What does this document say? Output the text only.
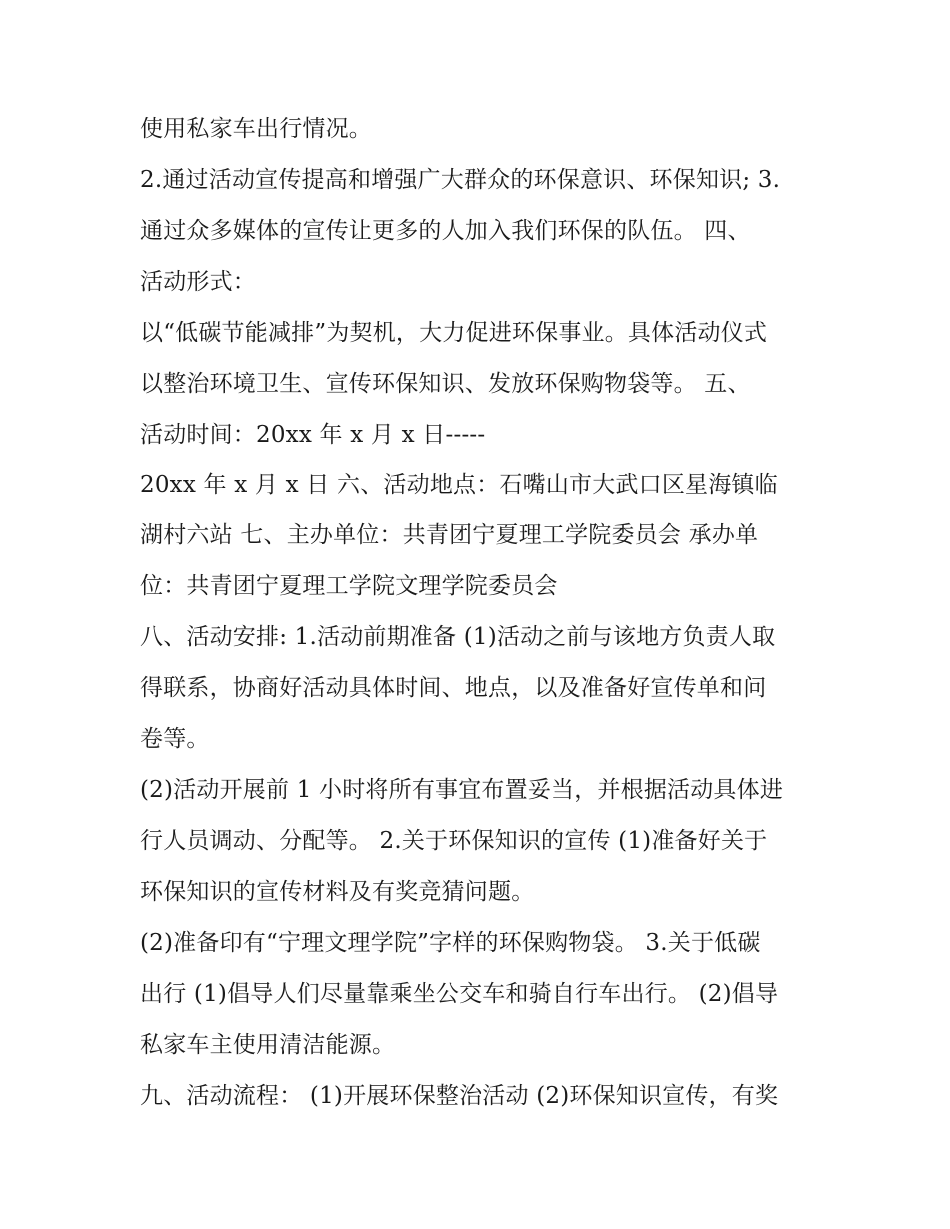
使用私家车出行情况。
2.通过活动宣传提高和增强广大群众的环保意识、环保知识; 3.
通过众多媒体的宣传让更多的人加入我们环保的队伍。 四、
活动形式：
以“低碳节能减排”为契机，大力促进环保事业。具体活动仪式
以整治环境卫生、宣传环保知识、发放环保购物袋等。 五、
活动时间：20xx 年 x 月 x 日-----
20xx 年 x 月 x 日 六、活动地点：石嘴山市大武口区星海镇临
湖村六站 七、主办单位：共青团宁夏理工学院委员会 承办单
位：共青团宁夏理工学院文理学院委员会
八、活动安排: 1.活动前期准备 (1)活动之前与该地方负责人取
得联系，协商好活动具体时间、地点，以及准备好宣传单和问
卷等。
(2)活动开展前 1 小时将所有事宜布置妥当，并根据活动具体进
行人员调动、分配等。 2.关于环保知识的宣传 (1)准备好关于
环保知识的宣传材料及有奖竞猜问题。
(2)准备印有“宁理文理学院”字样的环保购物袋。 3.关于低碳
出行 (1)倡导人们尽量靠乘坐公交车和骑自行车出行。 (2)倡导
私家车主使用清洁能源。
九、活动流程： (1)开展环保整治活动 (2)环保知识宣传，有奖
